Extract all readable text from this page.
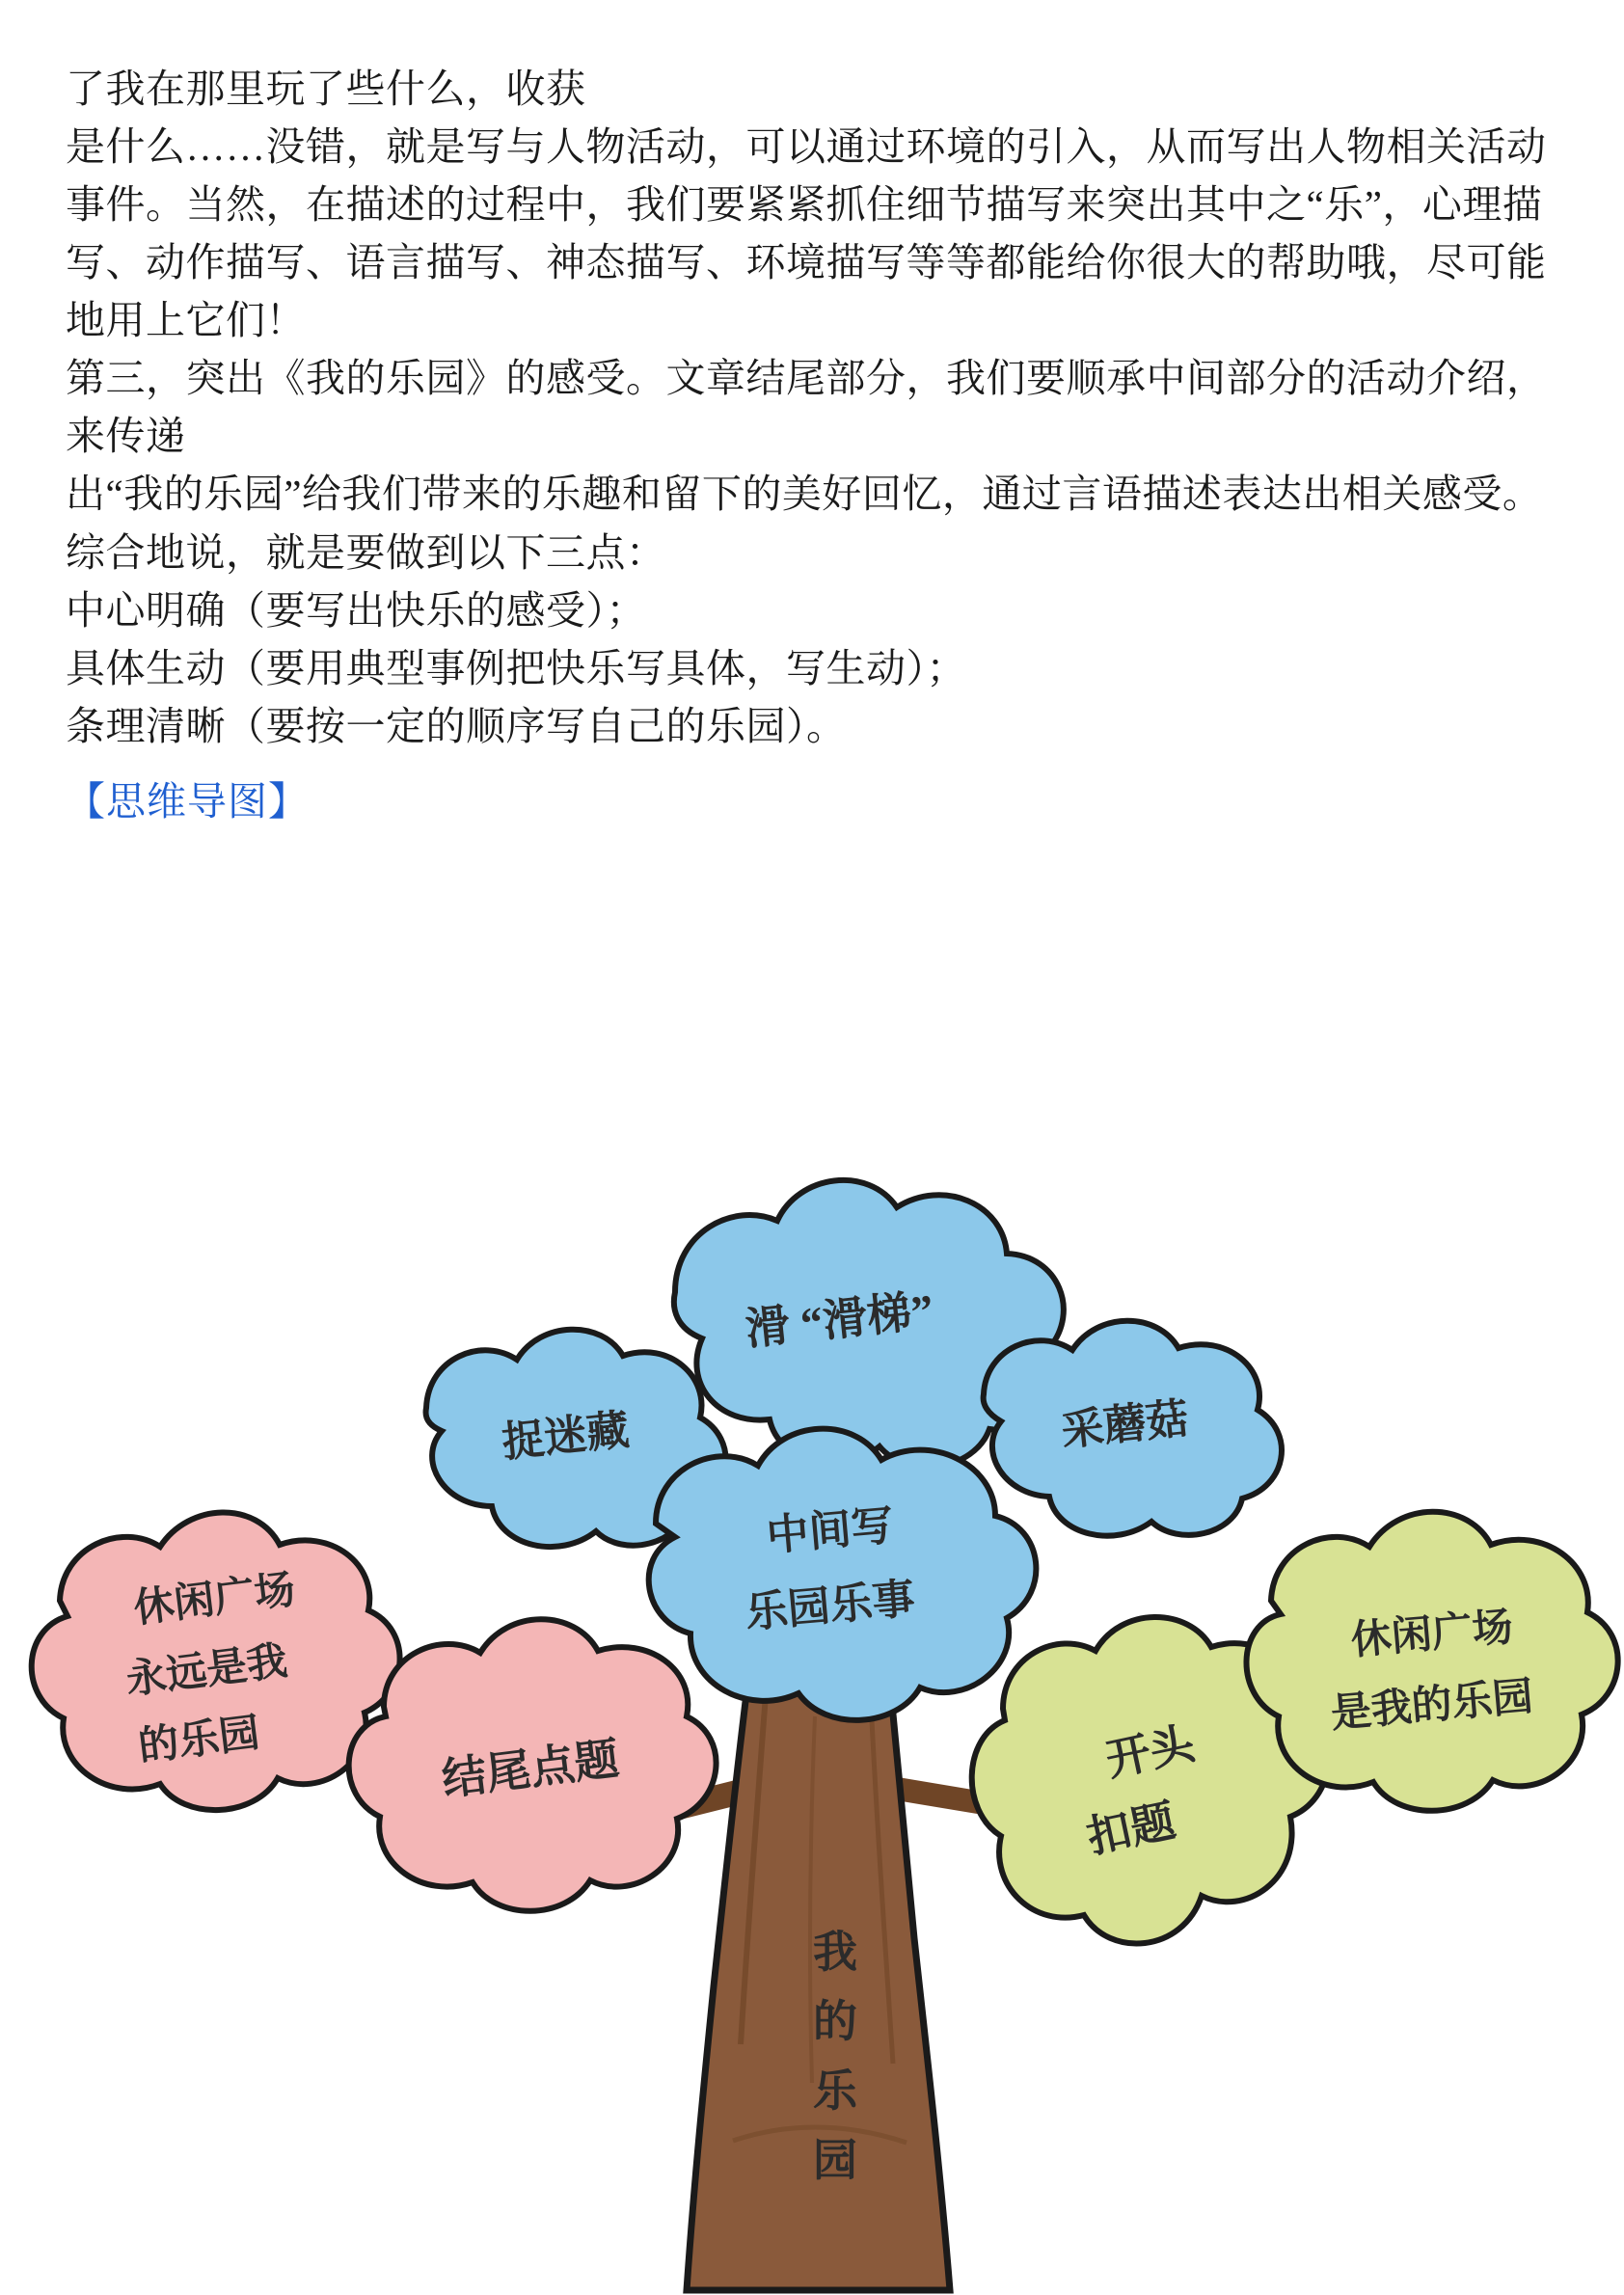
了我在那里玩了些什么，收获

是什么……没错，就是写与人物活动，可以通过环境的引入，从而写出人物相关活动事件。当然，在描述的过程中，我们要紧紧抓住细节描写来突出其中之“乐”，心理描写、动作描写、语言描写、神态描写、环境描写等等都能给你很大的帮助哦，尽可能地用上它们！

第三，突出《我的乐园》的感受。文章结尾部分，我们要顺承中间部分的活动介绍，来传递

出“我的乐园”给我们带来的乐趣和留下的美好回忆，通过言语描述表达出相关感受。

综合地说，就是要做到以下三点：

中心明确（要写出快乐的感受）；

具体生动（要用典型事例把快乐写具体，写生动）；

条理清晰（要按一定的顺序写自己的乐园）。

【思维导图】

我
的
乐
园
滑 “滑梯”
捉迷藏	采蘑菇
中间写
乐园乐事
休闲广场
永远是我
的乐园	结尾点题	开头
扣题
休闲广场
是我的乐园
